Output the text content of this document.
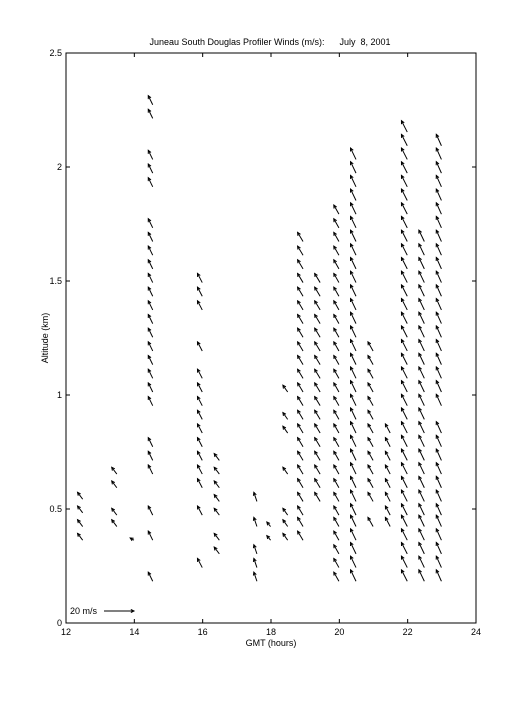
Juneau South Douglas Profiler Winds (m/s):      July  8, 2001
12	14	16	18	20	22	24
0
0.5
1
1.5
2
2.5
GMT (hours)
Altitude (km)
20 m/s
